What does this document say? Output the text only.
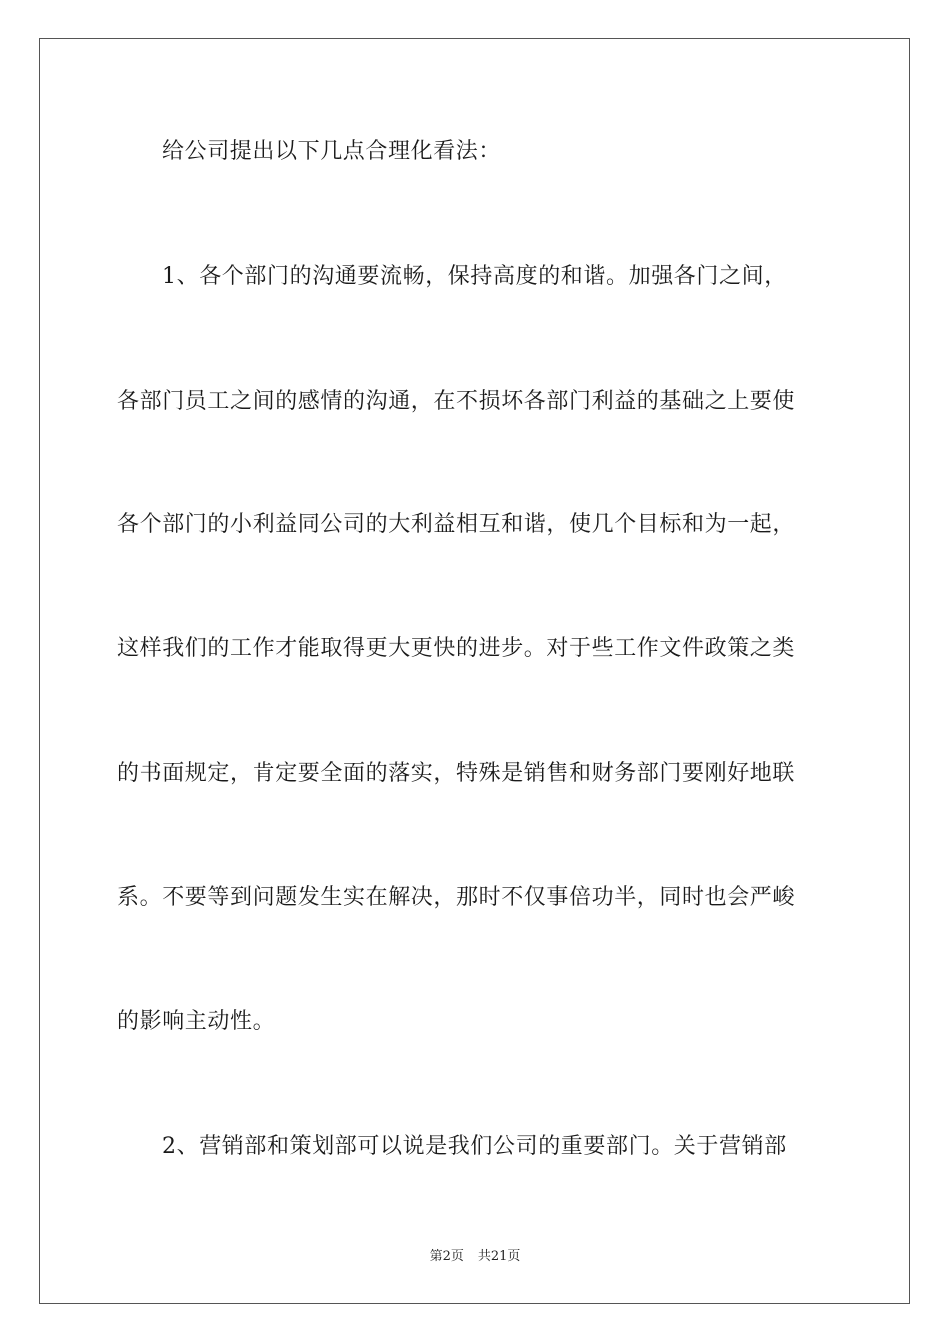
给公司提出以下几点合理化看法：
1、各个部门的沟通要流畅，保持高度的和谐。加强各门之间，
各部门员工之间的感情的沟通，在不损坏各部门利益的基础之上要使
各个部门的小利益同公司的大利益相互和谐，使几个目标和为一起，
这样我们的工作才能取得更大更快的进步。对于些工作文件政策之类
的书面规定，肯定要全面的落实，特殊是销售和财务部门要刚好地联
系。不要等到问题发生实在解决，那时不仅事倍功半，同时也会严峻
的影响主动性。
2、营销部和策划部可以说是我们公司的重要部门。关于营销部
第2页 共21页
